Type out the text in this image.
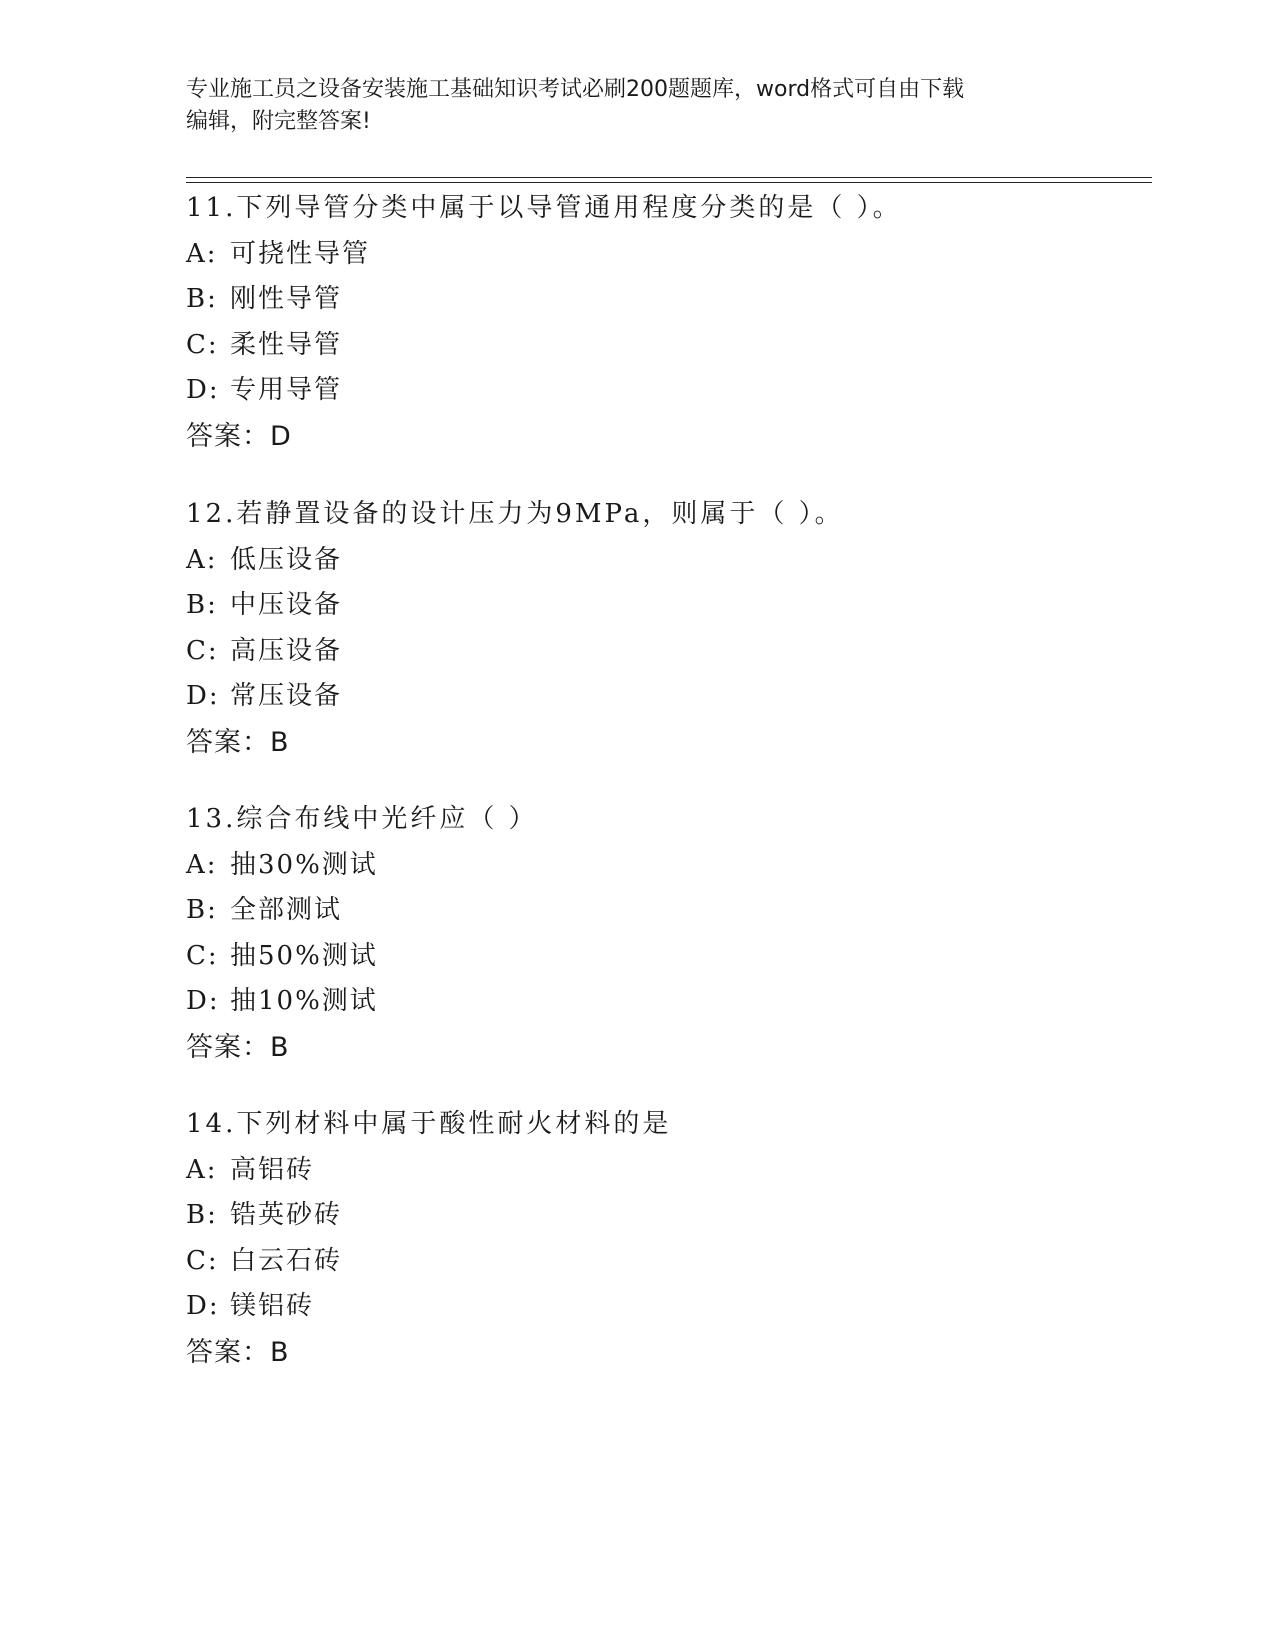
专业施工员之设备安装施工基础知识考试必刷200题题库，word格式可自由下载
编辑，附完整答案!
11.下列导管分类中属于以导管通用程度分类的是（ ）。
A: 可挠性导管
B: 刚性导管
C: 柔性导管
D: 专用导管
答案：D
12.若静置设备的设计压力为9MPa，则属于（ ）。
A: 低压设备
B: 中压设备
C: 高压设备
D: 常压设备
答案：B
13.综合布线中光纤应（ ）
A: 抽30%测试
B: 全部测试
C: 抽50%测试
D: 抽10%测试
答案：B
14.下列材料中属于酸性耐火材料的是
A: 高铝砖
B: 锆英砂砖
C: 白云石砖
D: 镁铝砖
答案：B
